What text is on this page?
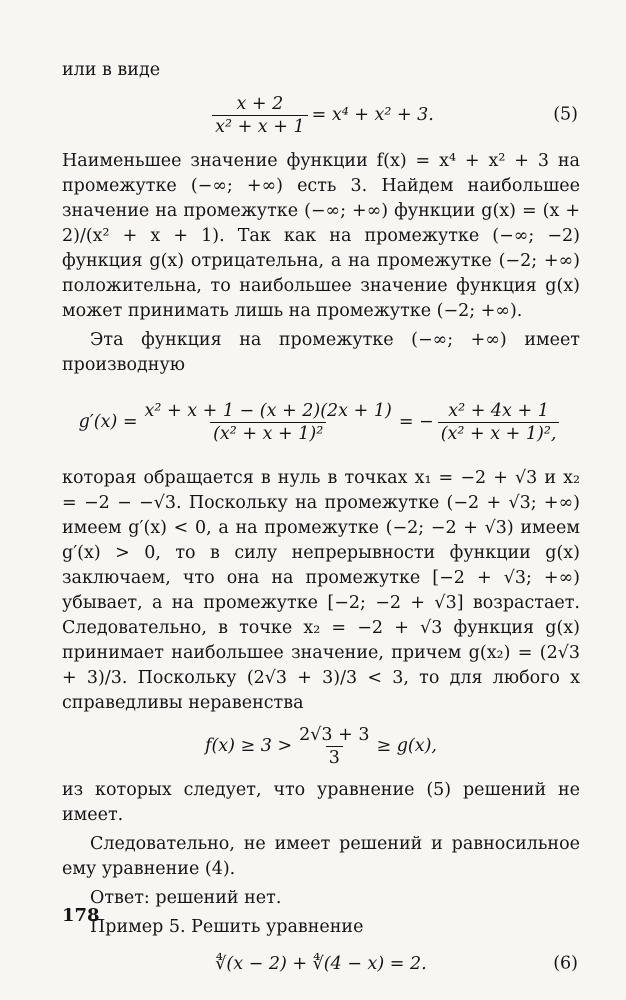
или в виде

$\frac{x + 2}{\text{x² + x + 1}} = x^4 + x^2 + 3$.	(5)

Наименьшее значение функции f(x) = x⁴ + x² + 3 на промежутке (−∞; +∞) есть 3. Найдем наибольшее значение на промежутке (−∞; +∞) функции g(x) = (x + 2)/(x² + x + 1). Так как на промежутке (−∞; −2) функция g(x) отрицательна, а на промежутке (−2; +∞) положительна, то наибольшее значение функция g(x) может принимать лишь на промежутке (−2; +∞).

Эта функция на промежутке (−∞; +∞) имеет производную

$g'(x) = \frac{\text{x² + x + 1 − (x + 2)(2x + 1)}}{\text{(x² + x + 1)²}}$ = − $\frac{\text{x² + 4x + 1}}{\text{(x² + x + 1)²,}}$

которая обращается в нуль в точках x₁ = −2 + √3 и x₂ = −2 − −√3. Поскольку на промежутке (−2 + √3; +∞) имеем g′(x) < 0, а на промежутке (−2; −2 + √3) имеем g′(x) > 0, то в силу непрерывности функции g(x) заключаем, что она на промежутке [−2 + √3; +∞) убывает, а на промежутке [−2; −2 + √3] возрастает. Следовательно, в точке x₂ = −2 + √3 функция g(x) принимает наибольшее значение, причем g(x₂) = (2√3 + 3)/3. Поскольку (2√3 + 3)/3 < 3, то для любого x справедливы неравенства

$f(x) \ge 3 > \frac{2√3 + 3}{3} \ge g(x)$,

из которых следует, что уравнение (5) решений не имеет.

Следовательно, не имеет решений и равносильное ему уравнение (4).

Ответ: решений нет.

Пример 5. Решить уравнение

∜(x − 2) + ∜(4 − x) = 2.	(6)
178
